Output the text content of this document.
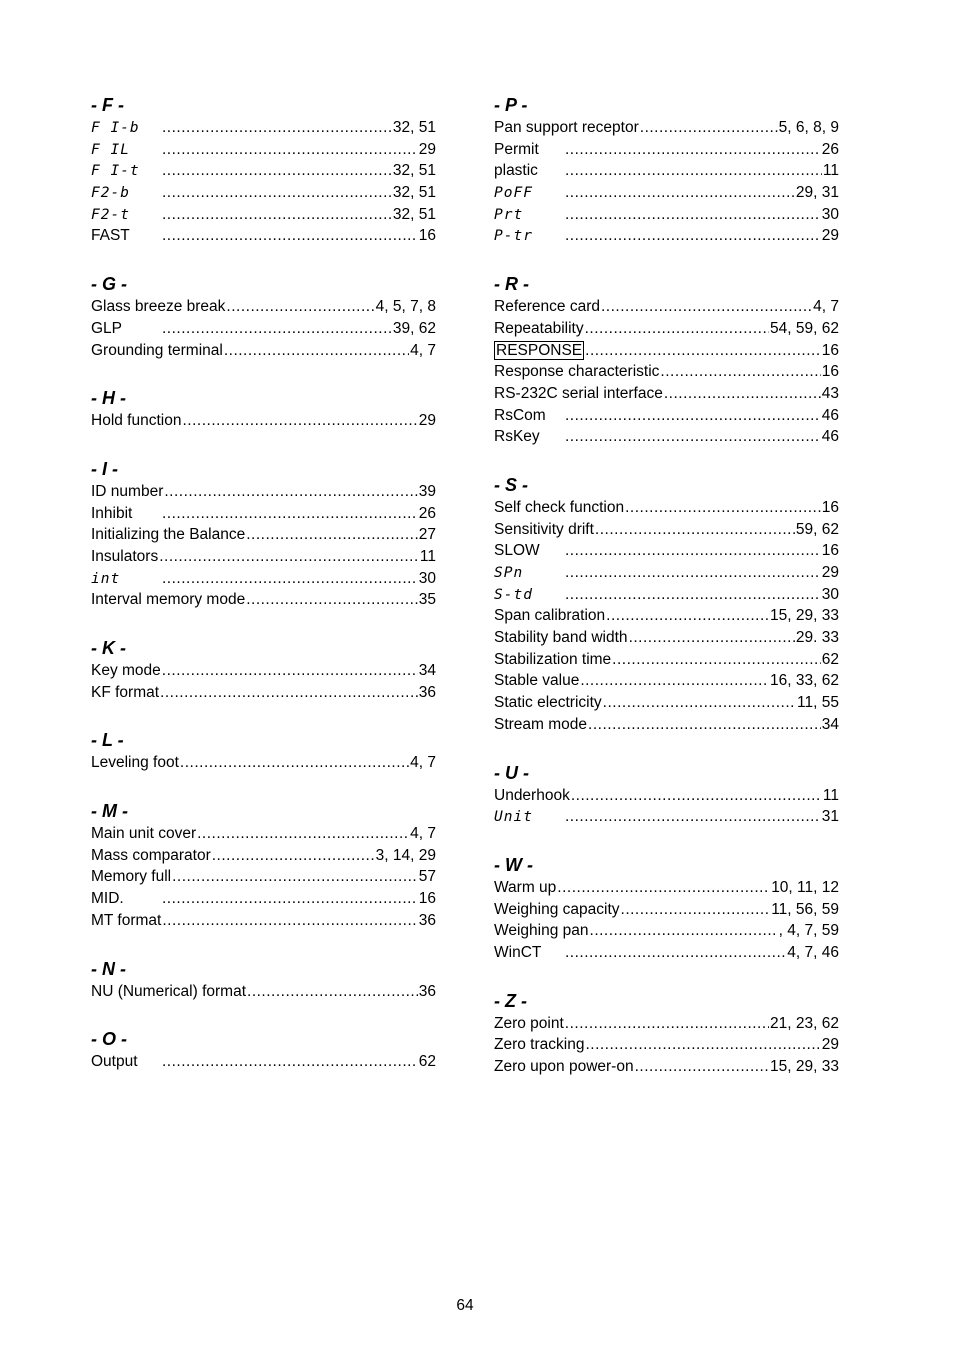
- F -
F I-b .....	32, 51
F IL .....	29
F I-t .....	32, 51
F2-b .....	32, 51
F2-t .....	32, 51
FAST .....	16
- G -
Glass breeze break .....	4, 5, 7, 8
GLP .....	39, 62
Grounding terminal .....	4, 7
- H -
Hold function .....	29
- I -
ID number .....	39
Inhibit .....	26
Initializing the Balance .....	27
Insulators .....	11
int .....	30
Interval memory mode .....	35
- K -
Key mode .....	34
KF format .....	36
- L -
Leveling foot .....	4, 7
- M -
Main unit cover .....	4, 7
Mass comparator .....	3, 14, 29
Memory full .....	57
MID. .....	16
MT format .....	36
- N -
NU (Numerical) format .....	36
- O -
Output .....	62
- P -
Pan support receptor .....	5, 6, 8, 9
Permit .....	26
plastic .....	11
PoFF .....	29, 31
Prt .....	30
P-tr .....	29
- R -
Reference card .....	4, 7
Repeatability .....	54, 59, 62
RESPONSE .....	16
Response characteristic .....	16
RS-232C serial interface .....	43
RsCom .....	46
RsKey .....	46
- S -
Self check function .....	16
Sensitivity drift .....	59, 62
SLOW .....	16
SPn .....	29
S-td .....	30
Span calibration .....	15, 29, 33
Stability band width .....	29. 33
Stabilization time .....	62
Stable value .....	16, 33, 62
Static electricity .....	11, 55
Stream mode .....	34
- U -
Underhook .....	11
Unit .....	31
- W -
Warm up .....	10, 11, 12
Weighing capacity .....	11, 56, 59
Weighing pan .....	, 4, 7, 59
WinCT .....	4, 7, 46
- Z -
Zero point .....	21, 23, 62
Zero tracking .....	29
Zero upon power-on .....	15, 29, 33
64
